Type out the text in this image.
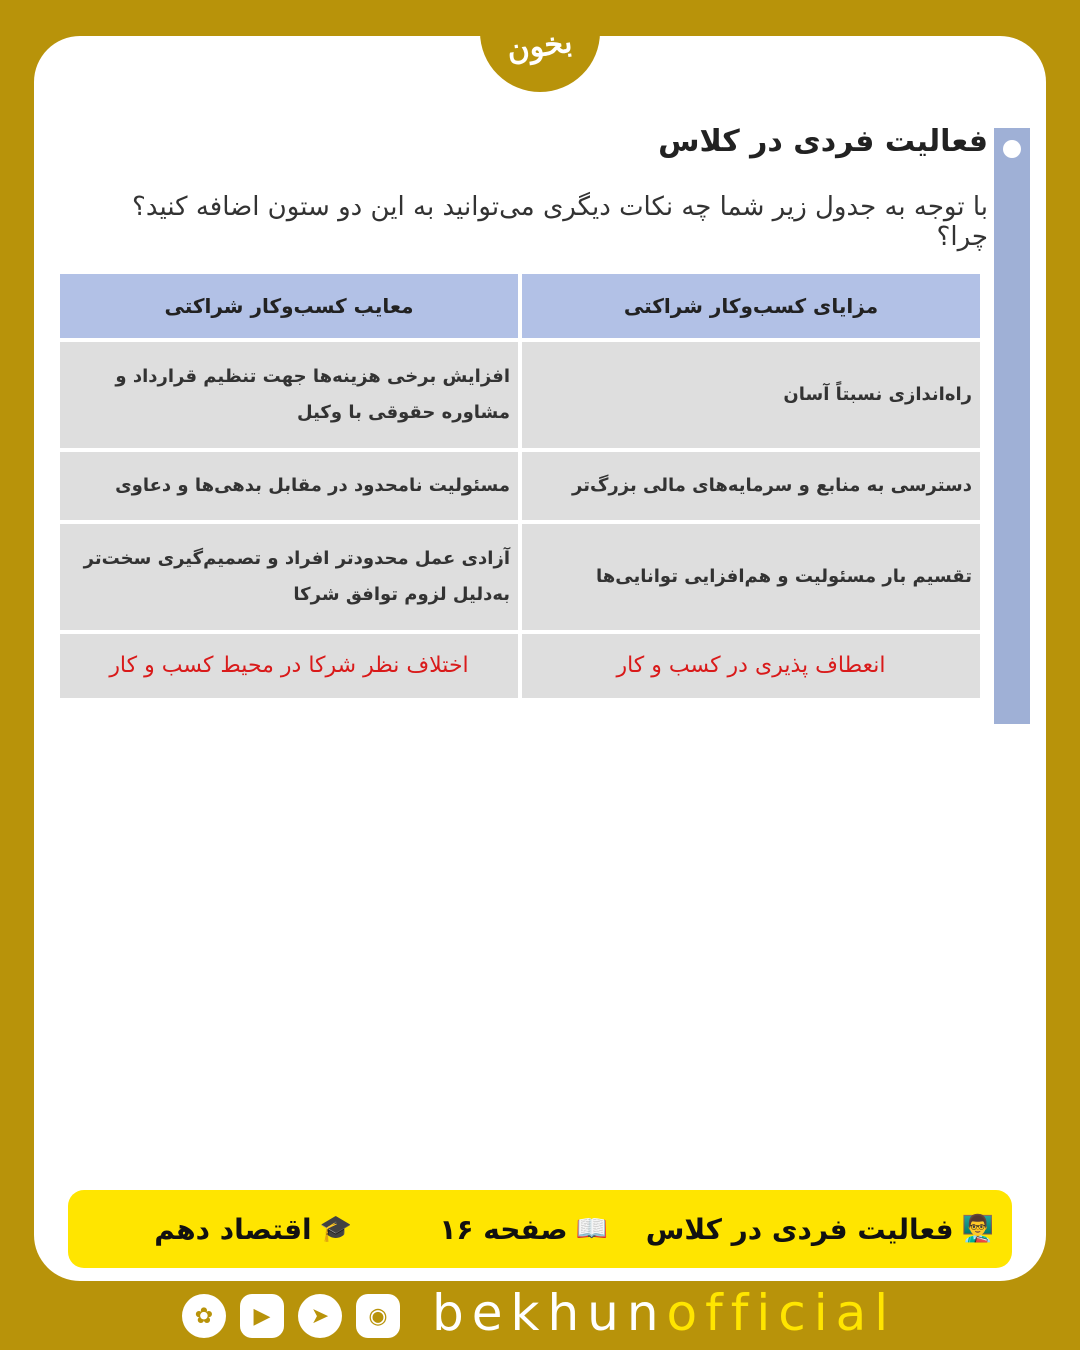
بخون
فعالیت فردی در کلاس
با توجه به جدول زیر شما چه نکات دیگری می‌توانید به این دو ستون اضافه کنید؟ چرا؟
مزایای کسب‌وکار شراکتی	معایب کسب‌وکار شراکتی
راه‌اندازی نسبتاً آسان	افزایش برخی هزینه‌ها جهت تنظیم قرارداد و مشاوره حقوقی با وکیل
دسترسی به منابع و سرمایه‌های مالی بزرگ‌تر	مسئولیت نامحدود در مقابل بدهی‌ها و دعاوی
تقسیم بار مسئولیت و هم‌افزایی توانایی‌ها	آزادی عمل محدودتر افراد و تصمیم‌گیری سخت‌تر به‌دلیل لزوم توافق شرکا
انعطاف پذیری در کسب و کار	اختلاف نظر شرکا در محیط کسب و کار
👨‍🏫
فعالیت فردی در کلاس
📖
صفحه ۱۶
🎓
اقتصاد دهم
✿	▶	➤	◉ bekhunofficial
